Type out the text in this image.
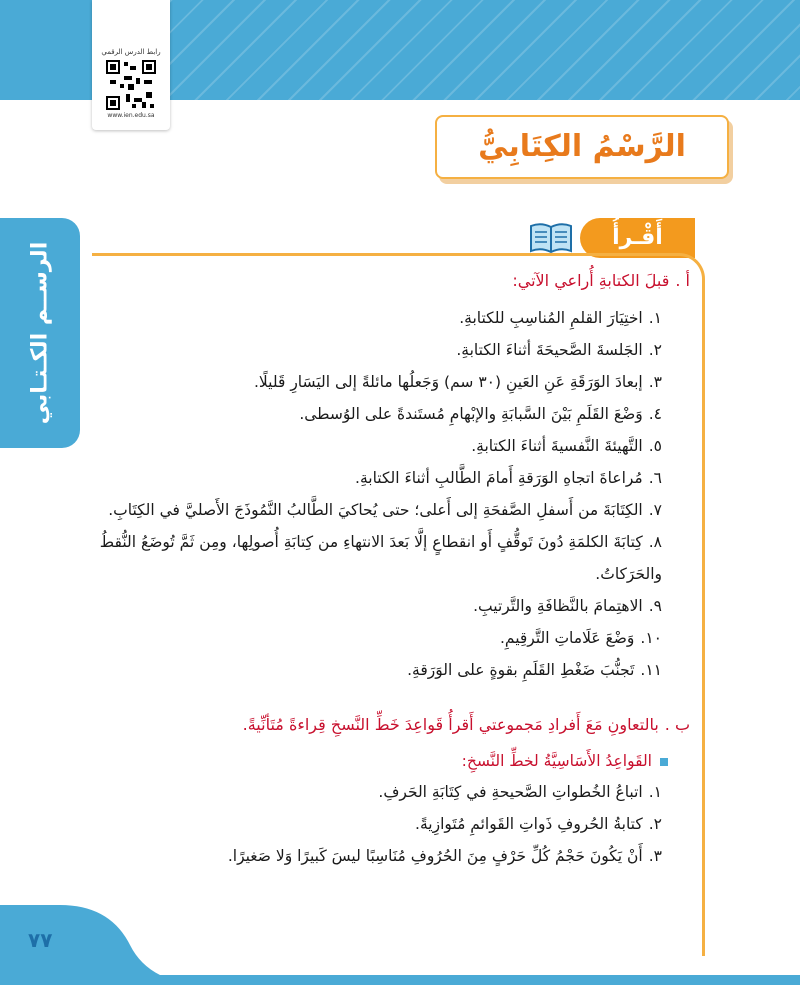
رابط الدرس الرقمي
www.ien.edu.sa
الرســم الكـتـابي
الرَّسْمُ الكِتَابِيُّ
أَقْـرأُ
أ .قبلَ الكتابةِ أُراعي الآتي:
١.اختِيَارَ القلمِ المُناسِبِ للكتابةِ.
٢.الجَلسةَ الصَّحيحَةَ أثناءَ الكتابةِ.
٣.إبعادَ الوَرَقَةِ عَنِ العَينِ (٣٠ سم) وَجَعلُها مائلةً إلى اليَسَارِ قَليلًا.
٤.وَضْعَ القَلَمِ بَيْنَ السَّبابَةِ والإبْهامِ مُستَندةً على الوُسطى.
٥.التَّهيئةَ النَّفسيةَ أثناءَ الكتابةِ.
٦.مُراعاةَ اتجاهِ الوَرَقةِ أَمامَ الطَّالبِ أثناءَ الكتابةِ.
٧.الكِتَابَةَ من أَسفلِ الصَّفحَةِ إلى أَعلى؛ حتى يُحاكيَ الطَّالبُ النَّمُوذَجَ الأَصليَّ في الكِتَابِ.
٨.كِتابَةَ الكلمَةِ دُونَ تَوقُّفٍ أَو انقطاعٍ إلَّا بَعدَ الانتهاءِ من كِتابَةِ أُصولِها، ومِن ثَمَّ تُوضَعُ النُّقطُ والحَرَكاتُ.
٩.الاهتِمامَ بالنَّظافَةِ والتَّرتيبِ.
١٠.وَضْعَ عَلَاماتِ التَّرقِيمِ.
١١.تَجنُّبَ ضَغْطِ القَلَمِ بقوةٍ على الوَرَقةِ.
ب .بالتعاونِ مَعَ أَفرادِ مَجموعتي أَقرأُ قَواعِدَ خَطِّ النَّسخِ قِراءةً مُتَأنِّيةً.
القَواعِدُ الأَسَاسِيَّةُ لخطِّ النَّسخِ:
١.اتباعُ الخُطواتِ الصَّحيحةِ في كِتَابَةِ الحَرفِ.
٢.كتابةُ الحُروفِ ذَواتِ القَوائمِ مُتَوازِيةً.
٣.أَنْ يَكُونَ حَجْمُ كُلِّ حَرْفٍ مِنَ الحُرُوفِ مُنَاسِبًا ليسَ كَبيرًا وَلا صَغيرًا.
٧٧
